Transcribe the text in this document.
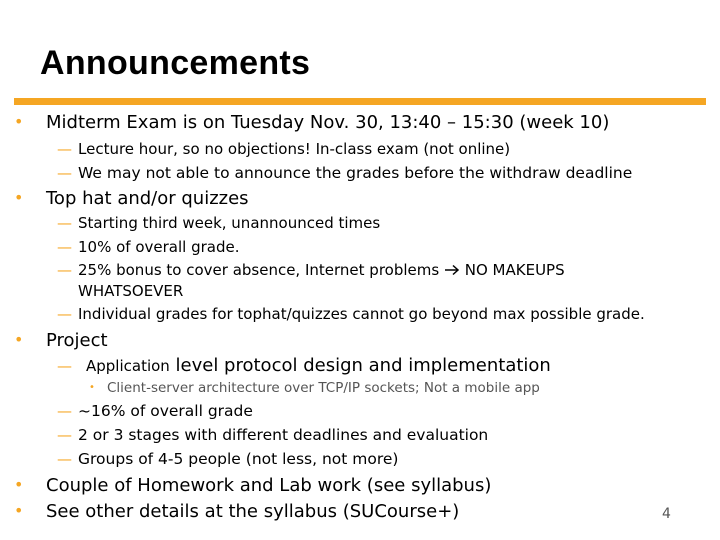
Announcements
• Midterm Exam is on Tuesday Nov. 30, 13:40 – 15:30 (week 10)
— Lecture hour, so no objections! In-class exam (not online)
— We may not able to announce the grades before the withdraw deadline
• Top hat and/or quizzes
— Starting third week, unannounced times
— 10% of overall grade.
— 25% bonus to cover absence, Internet problems NO MAKEUPS
WHATSOEVER
— Individual grades for tophat/quizzes cannot go beyond max possible grade.
• Project
— Application level protocol design and implementation
• Client-server architecture over TCP/IP sockets; Not a mobile app
— ~16% of overall grade
— 2 or 3 stages with different deadlines and evaluation
— Groups of 4-5 people (not less, not more)
• Couple of Homework and Lab work (see syllabus)
• See other details at the syllabus (SUCourse+)	4
